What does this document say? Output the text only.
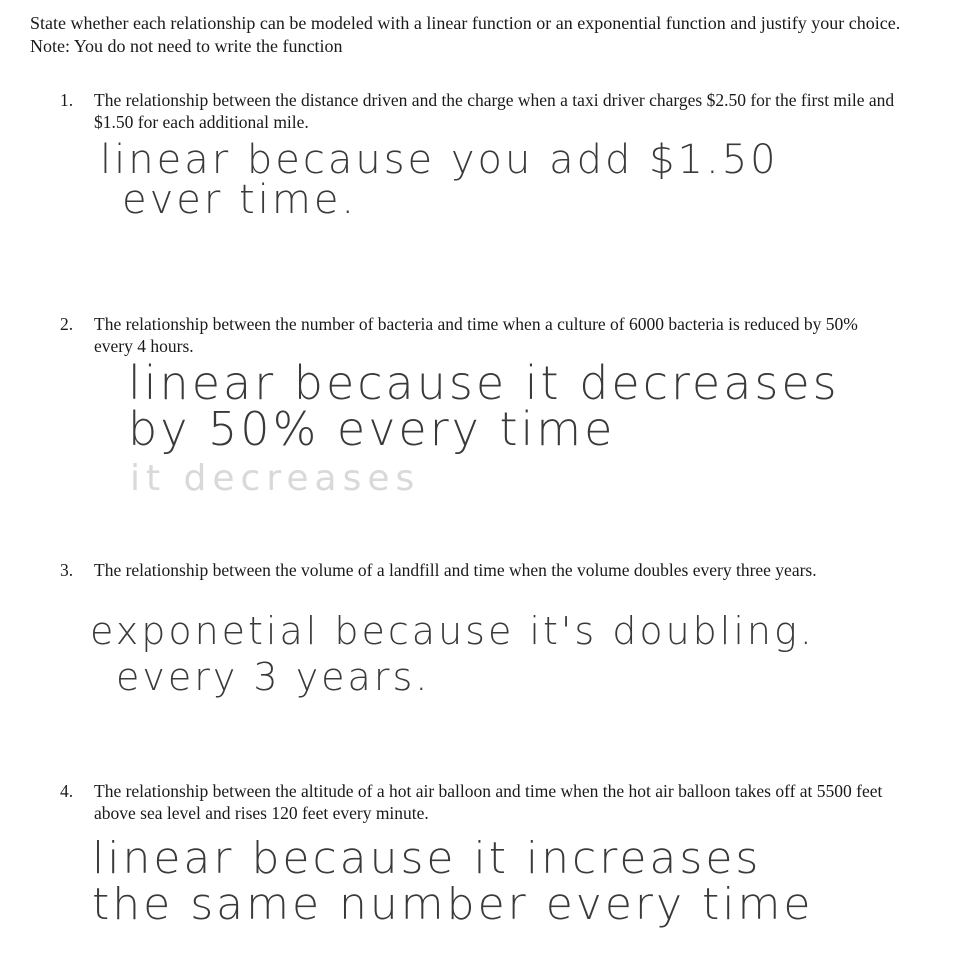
State whether each relationship can be modeled with a linear function or an exponential function and justify your choice. Note: You do not need to write the function

1. The relationship between the distance driven and the charge when a taxi driver charges $2.50 for the first mile and $1.50 for each additional mile.
linear because you add $1.50
ever time.
2. The relationship between the number of bacteria and time when a culture of 6000 bacteria is reduced by 50% every 4 hours.
linear because it decreases
by 50% every time
it decreases
3. The relationship between the volume of a landfill and time when the volume doubles every three years.
exponetial because it's doubling.
every 3 years.
4. The relationship between the altitude of a hot air balloon and time when the hot air balloon takes off at 5500 feet above sea level and rises 120 feet every minute.
linear because it increases
the same number every time
